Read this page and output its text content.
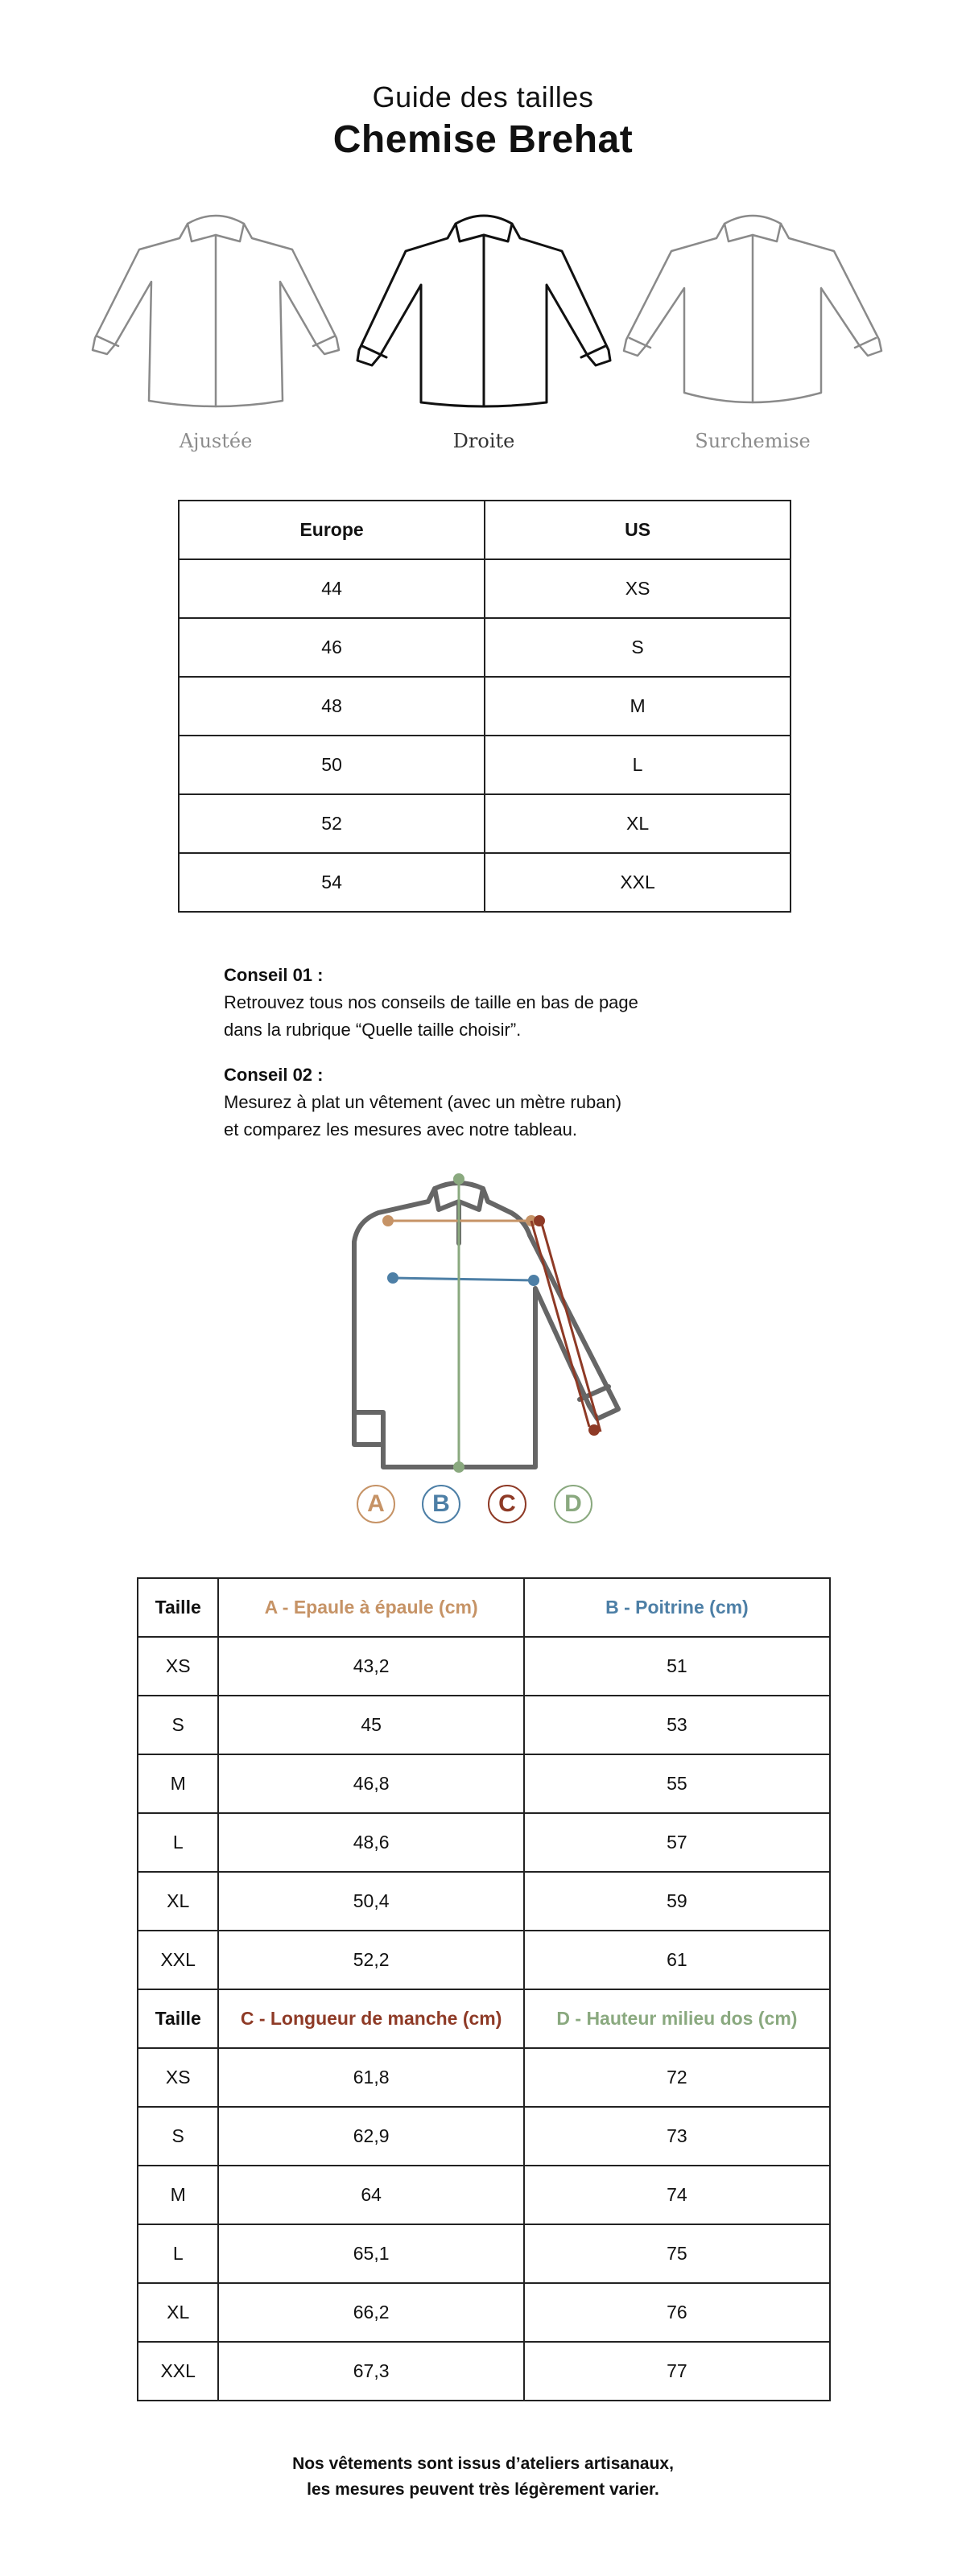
Guide des tailles
Chemise Brehat
Ajustée	Droite	Surchemise
Europe	US
44	XS
46	S
48	M
50	L
52	XL
54	XXL
Conseil 01 :
Retrouvez tous nos conseils de taille en bas de page
dans la rubrique “Quelle taille choisir”.
Conseil 02 :
Mesurez à plat un vêtement (avec un mètre ruban)
et comparez les mesures avec notre tableau.
A	B	C	D
Taille	A - Epaule à épaule (cm)	B - Poitrine (cm)
XS	43,2	51
S	45	53
M	46,8	55
L	48,6	57
XL	50,4	59
XXL	52,2	61
Taille	C - Longueur de manche (cm)	D - Hauteur milieu dos (cm)
XS	61,8	72
S	62,9	73
M	64	74
L	65,1	75
XL	66,2	76
XXL	67,3	77
Nos vêtements sont issus d’ateliers artisanaux,
les mesures peuvent très légèrement varier.
